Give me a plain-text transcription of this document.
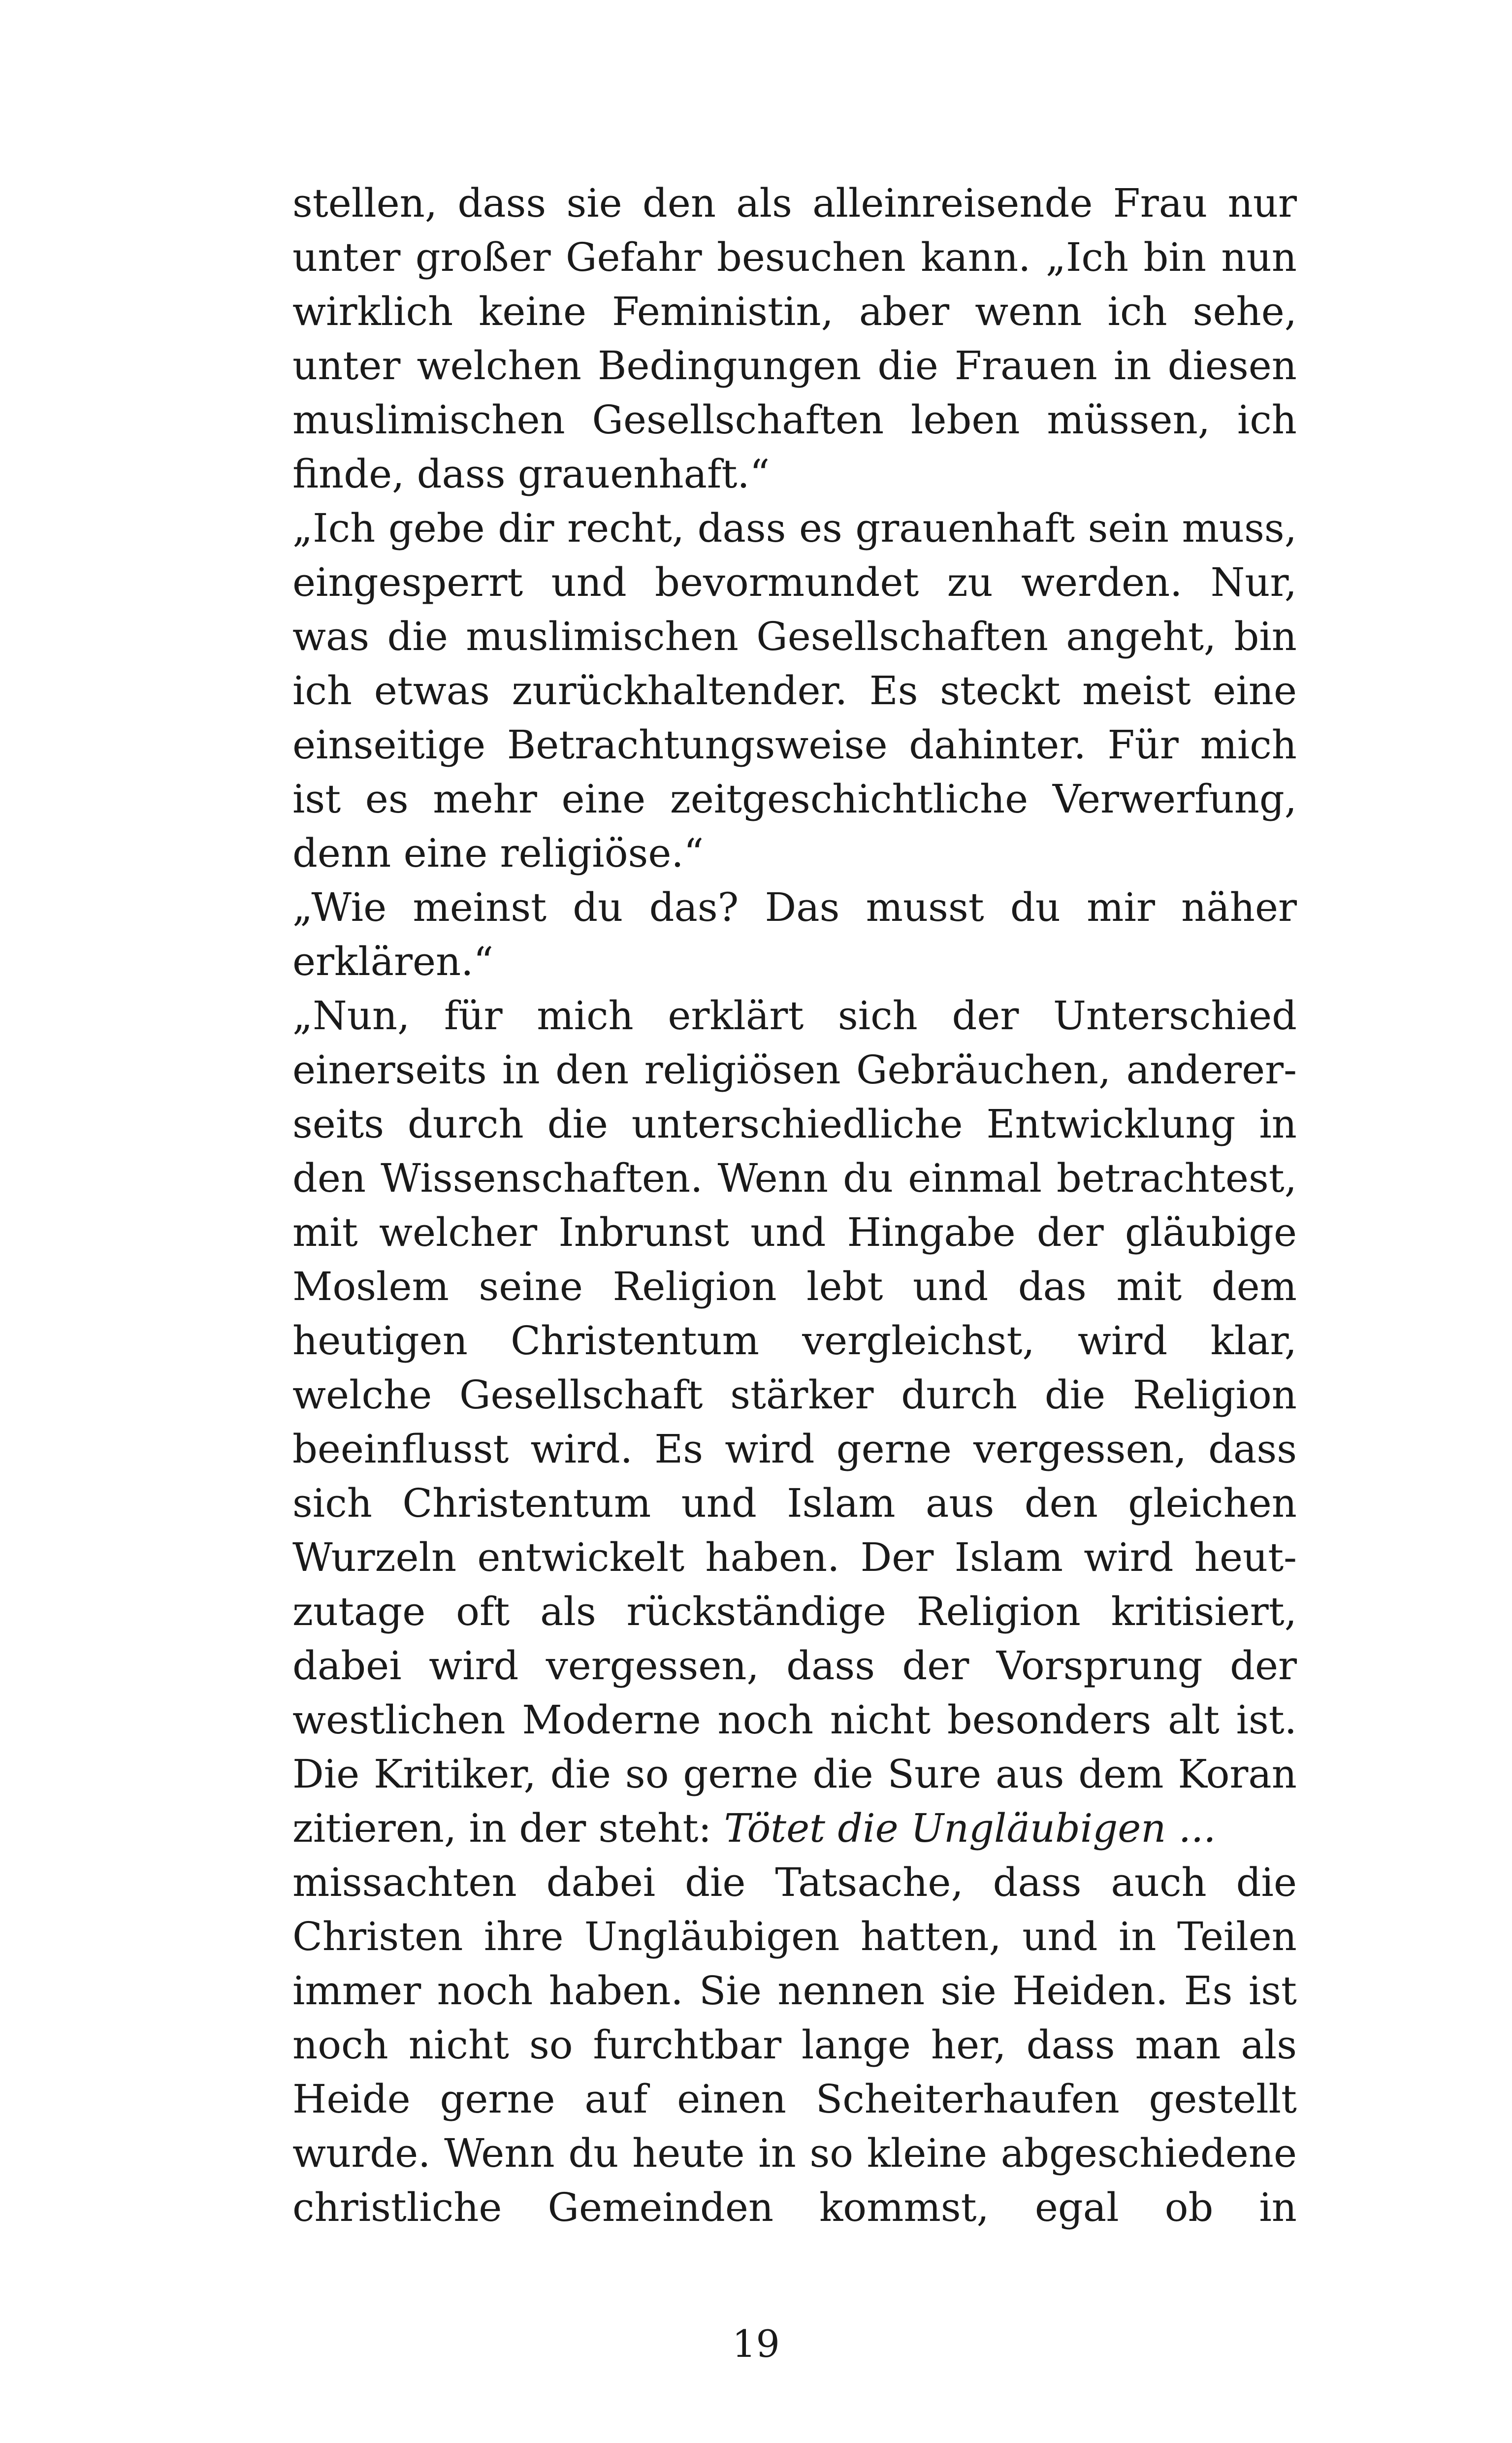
stellen, dass sie den als alleinreisende Frau nur
unter großer Gefahr besuchen kann. „Ich bin nun
wirklich keine Feministin, aber wenn ich sehe,
unter welchen Bedingungen die Frauen in diesen
muslimischen Gesellschaften leben müssen, ich
finde, dass grauenhaft.“
„Ich gebe dir recht, dass es grauenhaft sein muss,
eingesperrt und bevormundet zu werden. Nur,
was die muslimischen Gesellschaften angeht, bin
ich etwas zurückhaltender. Es steckt meist eine
einseitige Betrachtungsweise dahinter. Für mich
ist es mehr eine zeitgeschichtliche Verwerfung,
denn eine religiöse.“
„Wie meinst du das? Das musst du mir näher
erklären.“
„Nun, für mich erklärt sich der Unterschied
einerseits in den religiösen Gebräuchen, anderer-
seits durch die unterschiedliche Entwicklung in
den Wissenschaften. Wenn du einmal betrachtest,
mit welcher Inbrunst und Hingabe der gläubige
Moslem seine Religion lebt und das mit dem
heutigen Christentum vergleichst, wird klar,
welche Gesellschaft stärker durch die Religion
beeinflusst wird. Es wird gerne vergessen, dass
sich Christentum und Islam aus den gleichen
Wurzeln entwickelt haben. Der Islam wird heut-
zutage oft als rückständige Religion kritisiert,
dabei wird vergessen, dass der Vorsprung der
westlichen Moderne noch nicht besonders alt ist.
Die Kritiker, die so gerne die Sure aus dem Koran
zitieren, in der steht: Tötet die Ungläubigen ...
missachten dabei die Tatsache, dass auch die
Christen ihre Ungläubigen hatten, und in Teilen
immer noch haben. Sie nennen sie Heiden. Es ist
noch nicht so furchtbar lange her, dass man als
Heide gerne auf einen Scheiterhaufen gestellt
wurde. Wenn du heute in so kleine abgeschiedene
christliche Gemeinden kommst, egal ob in
19
